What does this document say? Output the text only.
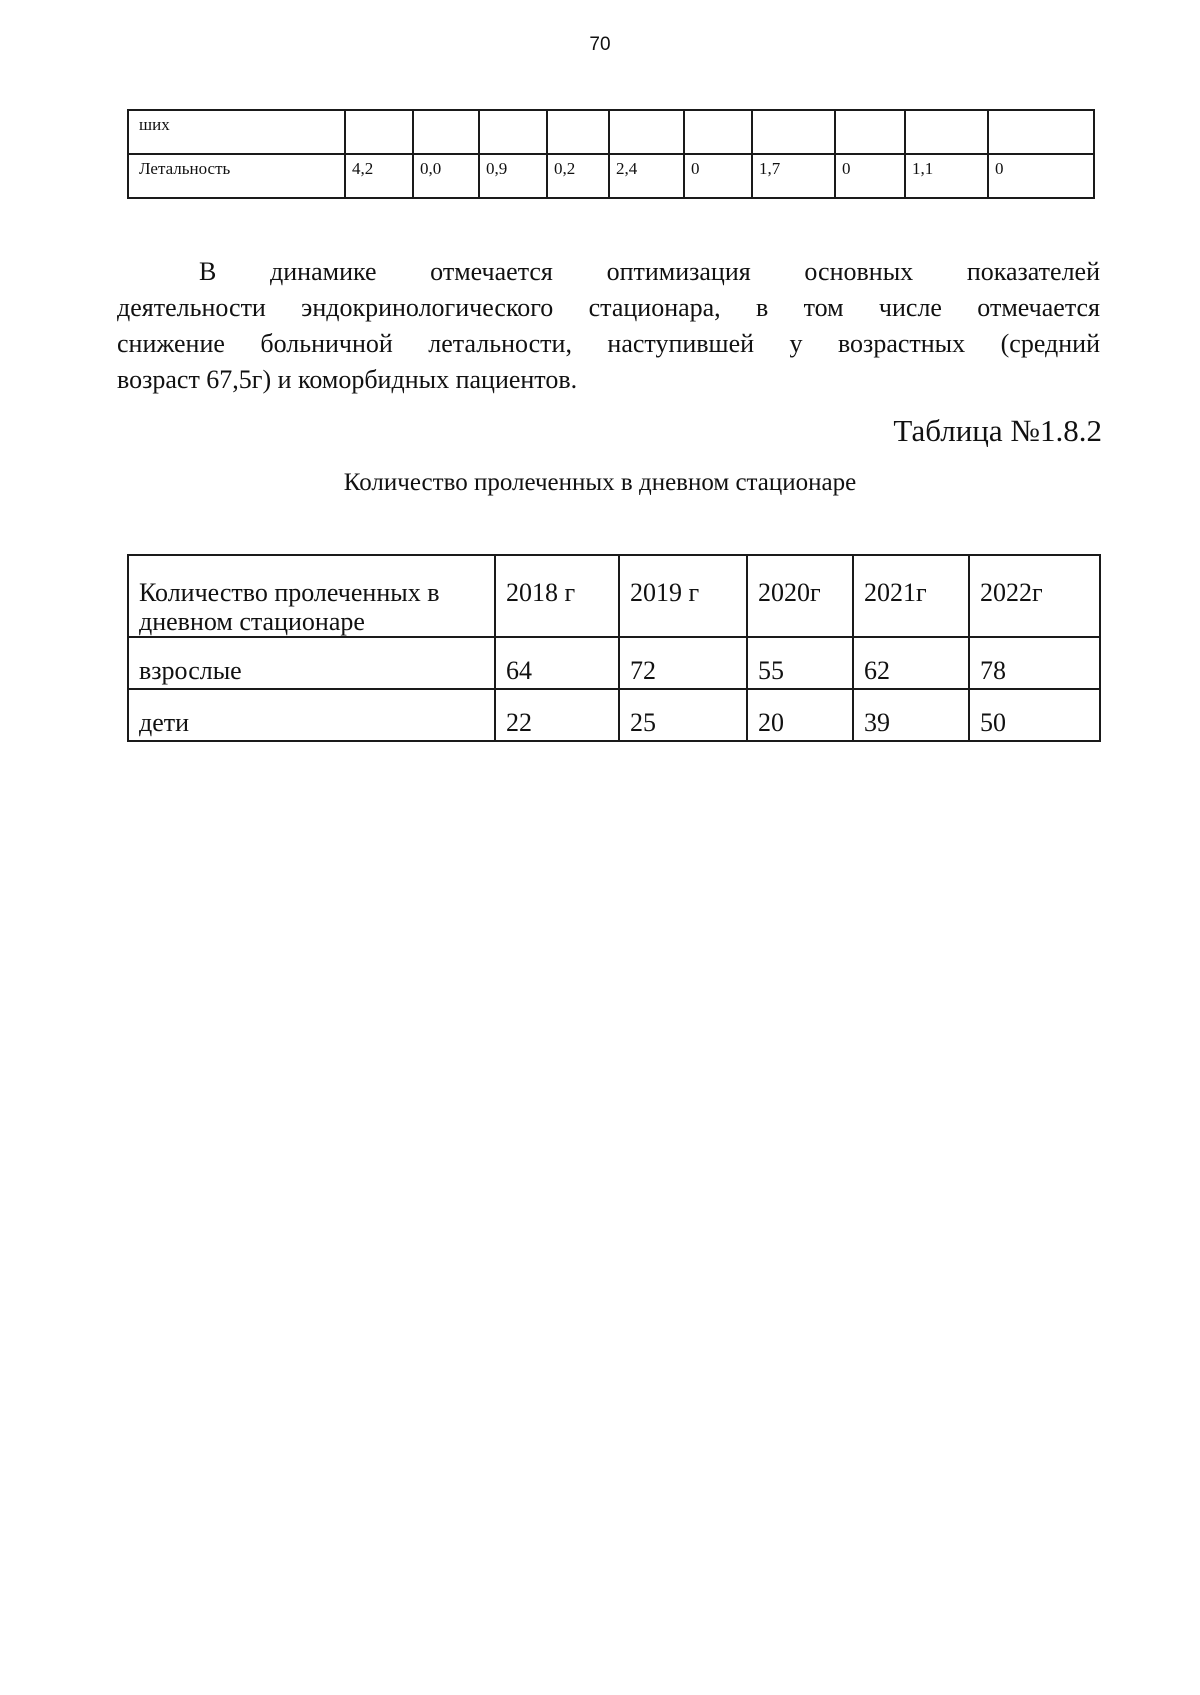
70
ших										
Летальность	4,2	0,0	0,9	0,2	2,4	0	1,7	0	1,1	0
В динамике отмечается оптимизация основных показателей
деятельности эндокринологического стационара, в том числе отмечается
снижение больничной летальности, наступившей у возрастных (средний
возраст 67,5г) и коморбидных пациентов.
Таблица №1.8.2
Количество пролеченных в дневном стационаре
Количество пролеченных в дневном стационаре	2018 г	2019 г	2020г	2021г	2022г
взрослые	64	72	55	62	78
дети	22	25	20	39	50
